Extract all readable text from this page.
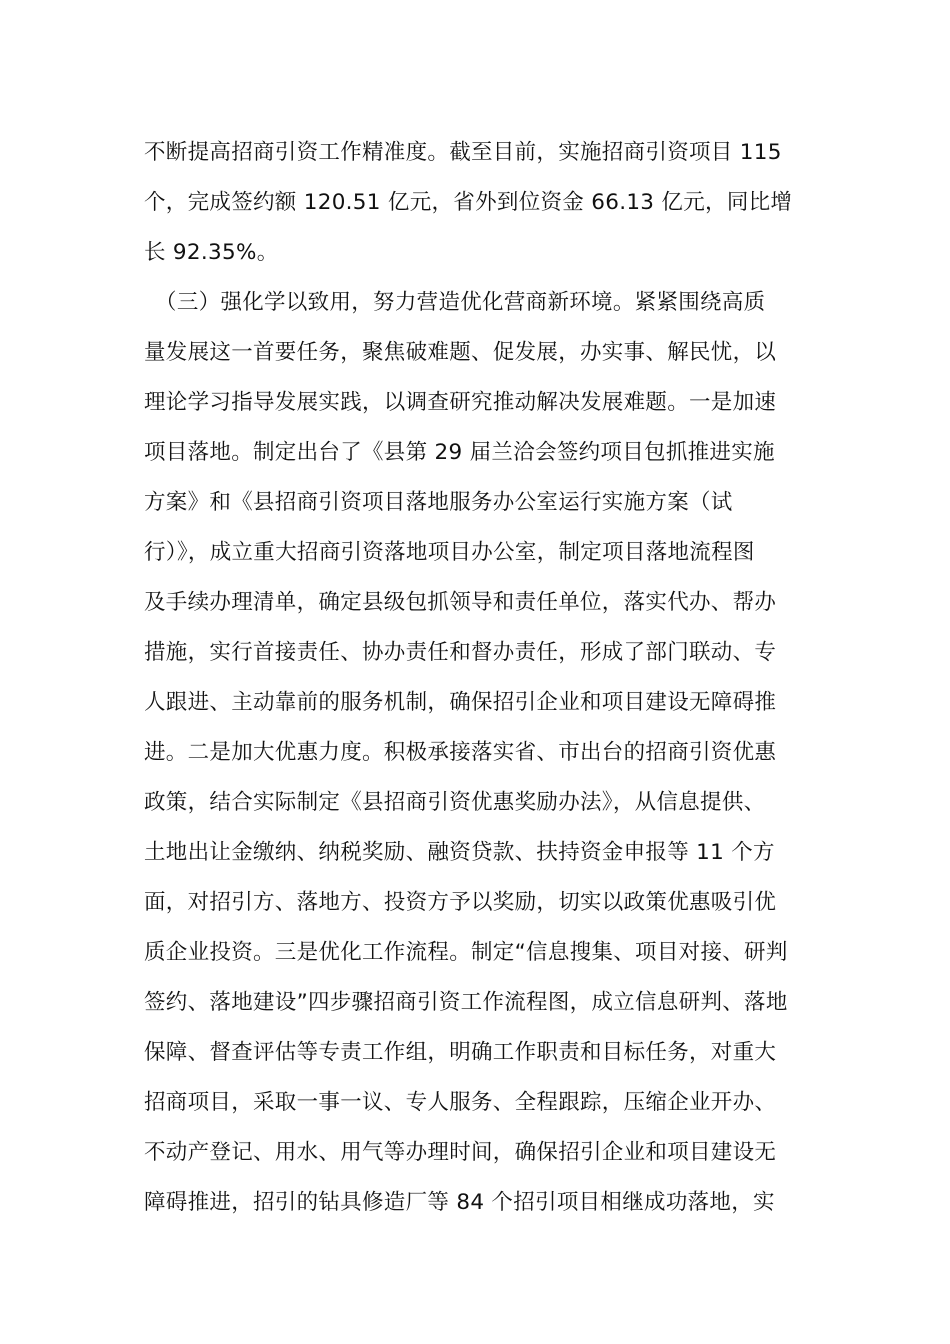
不断提高招商引资工作精准度。截至目前，实施招商引资项目 115
个，完成签约额 120.51 亿元，省外到位资金 66.13 亿元，同比增
长 92.35%。
　（三）强化学以致用，努力营造优化营商新环境。紧紧围绕高质
量发展这一首要任务，聚焦破难题、促发展，办实事、解民忧，以
理论学习指导发展实践，以调查研究推动解决发展难题。一是加速
项目落地。制定出台了《县第 29 届兰洽会签约项目包抓推进实施
方案》和《县招商引资项目落地服务办公室运行实施方案（试
行）》，成立重大招商引资落地项目办公室，制定项目落地流程图
及手续办理清单，确定县级包抓领导和责任单位，落实代办、帮办
措施，实行首接责任、协办责任和督办责任，形成了部门联动、专
人跟进、主动靠前的服务机制，确保招引企业和项目建设无障碍推
进。二是加大优惠力度。积极承接落实省、市出台的招商引资优惠
政策，结合实际制定《县招商引资优惠奖励办法》，从信息提供、
土地出让金缴纳、纳税奖励、融资贷款、扶持资金申报等 11 个方
面，对招引方、落地方、投资方予以奖励，切实以政策优惠吸引优
质企业投资。三是优化工作流程。制定“信息搜集、项目对接、研判
签约、落地建设”四步骤招商引资工作流程图，成立信息研判、落地
保障、督查评估等专责工作组，明确工作职责和目标任务，对重大
招商项目，采取一事一议、专人服务、全程跟踪，压缩企业开办、
不动产登记、用水、用气等办理时间，确保招引企业和项目建设无
障碍推进，招引的钻具修造厂等 84 个招引项目相继成功落地，实
